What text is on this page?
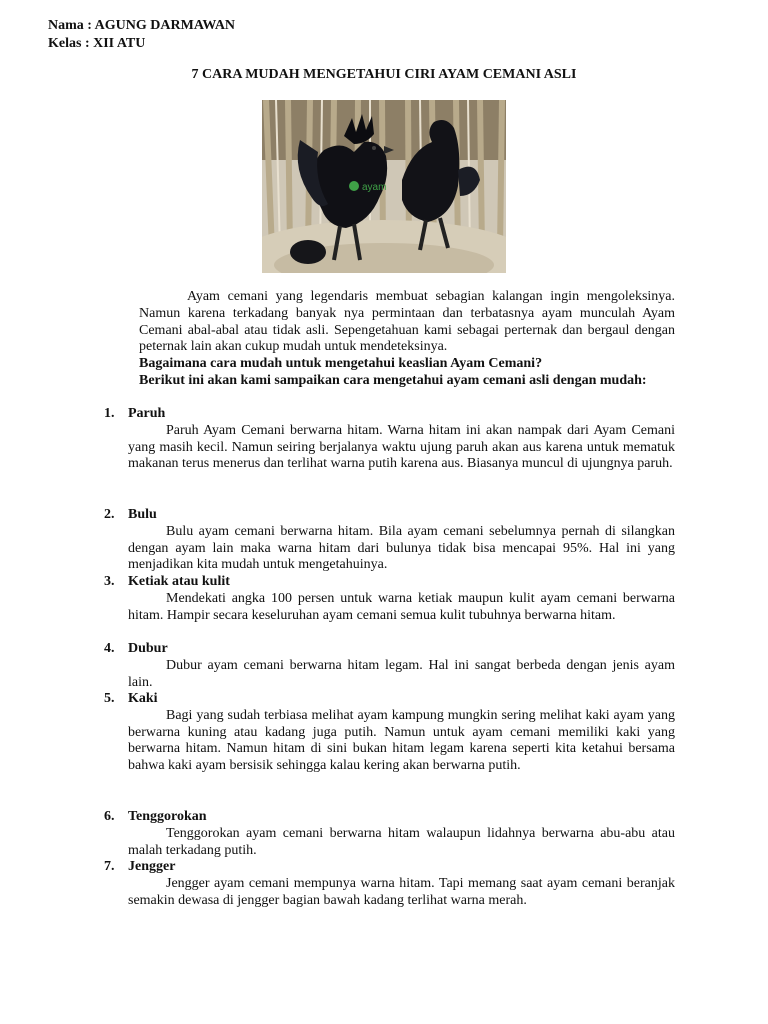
Nama : AGUNG DARMAWAN
Kelas : XII ATU
7 CARA MUDAH MENGETAHUI CIRI AYAM CEMANI ASLI
ayam

Ayam cemani yang legendaris membuat sebagian kalangan ingin mengoleksinya. Namun karena terkadang banyak nya permintaan dan terbatasnya ayam munculah Ayam Cemani abal-abal atau tidak asli. Sepengetahuan kami sebagai perternak dan bergaul dengan peternak lain akan cukup mudah untuk mendeteksinya.

Bagaimana cara mudah untuk mengetahui keaslian Ayam Cemani?

Berikut ini akan kami sampaikan cara mengetahui ayam cemani asli dengan mudah:

1. Paruh
Paruh Ayam Cemani berwarna hitam. Warna hitam ini akan nampak dari Ayam Cemani yang masih kecil. Namun seiring berjalanya waktu ujung paruh akan aus karena untuk mematuk makanan terus menerus dan terlihat warna putih karena aus. Biasanya muncul di ujungnya paruh.
2. Bulu
Bulu ayam cemani berwarna hitam. Bila ayam cemani sebelumnya pernah di silangkan dengan ayam lain maka warna hitam dari bulunya tidak bisa mencapai 95%. Hal ini yang menjadikan kita mudah untuk mengetahuinya.
3. Ketiak atau kulit
Mendekati angka 100 persen untuk warna ketiak maupun kulit ayam cemani berwarna hitam. Hampir secara keseluruhan ayam cemani semua kulit tubuhnya berwarna hitam.
4. Dubur
Dubur ayam cemani berwarna hitam legam. Hal ini sangat berbeda dengan jenis ayam lain.
5. Kaki
Bagi yang sudah terbiasa melihat ayam kampung mungkin sering melihat kaki ayam yang berwarna kuning atau kadang juga putih. Namun untuk ayam cemani memiliki kaki yang berwarna hitam. Namun hitam di sini bukan hitam legam karena seperti kita ketahui bersama bahwa kaki ayam bersisik sehingga kalau kering akan berwarna putih.
6. Tenggorokan
Tenggorokan ayam cemani berwarna hitam walaupun lidahnya berwarna abu-abu atau malah terkadang putih.
7. Jengger
Jengger ayam cemani mempunya warna hitam. Tapi memang saat ayam cemani beranjak semakin dewasa di jengger bagian bawah kadang terlihat warna merah.
